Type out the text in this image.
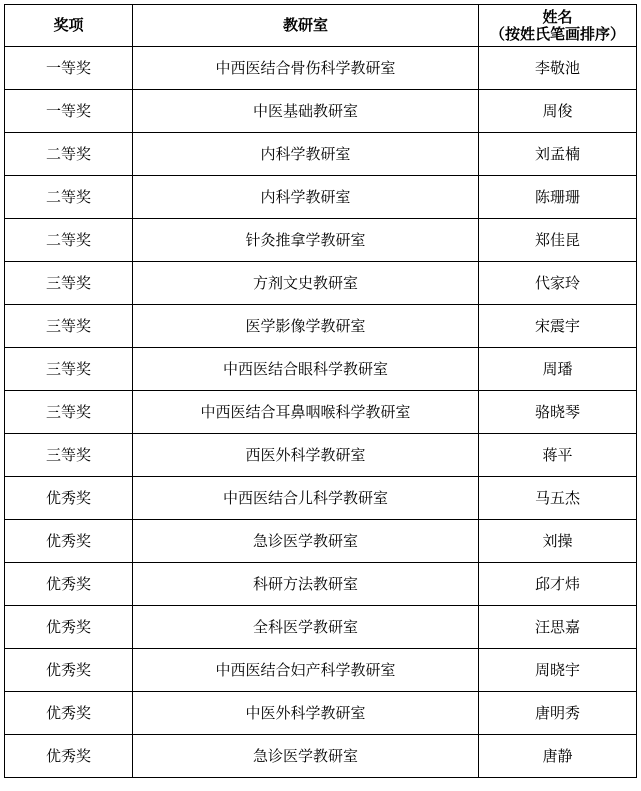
奖项	教研室	姓名
（按姓氏笔画排序）

一等奖	中西医结合骨伤科学教研室	李敬池
一等奖	中医基础教研室	周俊
二等奖	内科学教研室	刘孟楠
二等奖	内科学教研室	陈珊珊
二等奖	针灸推拿学教研室	郑佳昆
三等奖	方剂文史教研室	代家玲
三等奖	医学影像学教研室	宋震宇
三等奖	中西医结合眼科学教研室	周璠
三等奖	中西医结合耳鼻咽喉科学教研室	骆晓琴
三等奖	西医外科学教研室	蒋平
优秀奖	中西医结合儿科学教研室	马五杰
优秀奖	急诊医学教研室	刘操
优秀奖	科研方法教研室	邱才炜
优秀奖	全科医学教研室	汪思嘉
优秀奖	中西医结合妇产科学教研室	周晓宇
优秀奖	中医外科学教研室	唐明秀
优秀奖	急诊医学教研室	唐静
